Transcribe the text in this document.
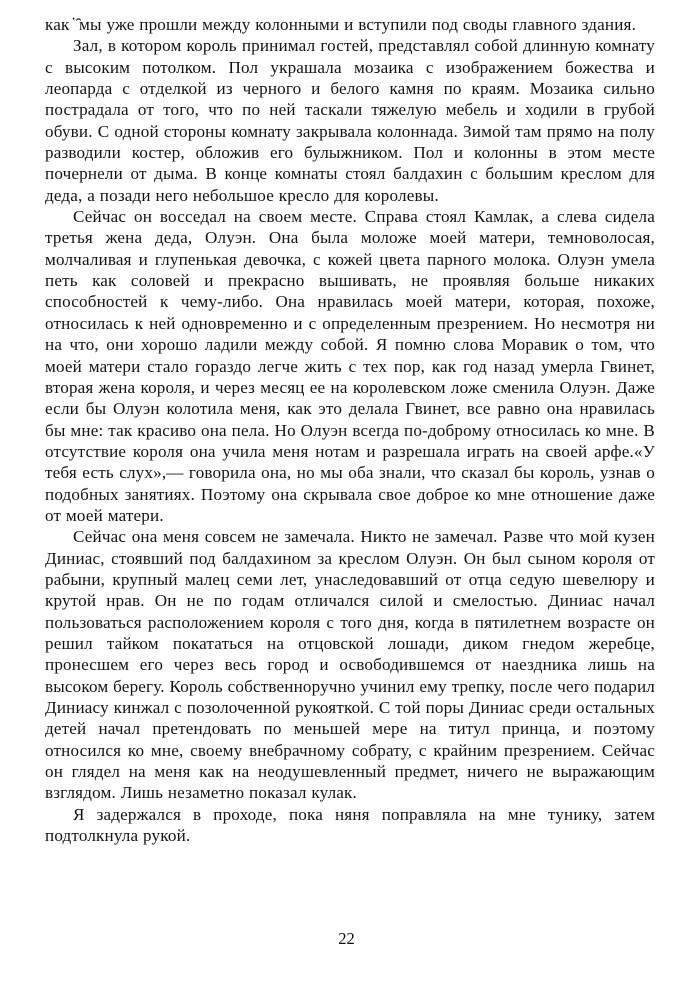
как ̔ ̑мы уже прошли между колонными и вступили под своды главного здания.

Зал, в котором король принимал гостей, представлял собой длинную комнату с высоким потолком. Пол украшала мозаика с изображением божества и леопарда с отделкой из черного и белого камня по краям. Мозаика сильно пострадала от того, что по ней таскали тяжелую мебель и ходили в грубой обуви. С одной стороны комнату закрывала колоннада. Зимой там прямо на полу разводили костер, обложив его булыжником. Пол и колонны в этом месте почернели от дыма. В конце комнаты стоял балдахин с большим креслом для деда, а позади него небольшое кресло для королевы.

Сейчас он восседал на своем месте. Справа стоял Камлак, а слева сидела третья жена деда, Олуэн. Она была моложе моей матери, темноволосая, молчаливая и глупенькая девочка, с кожей цвета парного молока. Олуэн умела петь как соловей и прекрасно вышивать, не проявляя больше никаких способностей к чему-либо. Она нравилась моей матери, которая, похоже, относилась к ней одновременно и с определенным презрением. Но несмотря ни на что, они хорошо ладили между собой. Я помню слова Моравик о том, что моей матери стало гораздо легче жить с тех пор, как год назад умерла Гвинет, вторая жена короля, и через месяц ее на королевском ложе сменила Олуэн. Даже если бы Олуэн колотила меня, как это делала Гвинет, все равно она нравилась бы мне: так красиво она пела. Но Олуэн всегда по-доброму относилась ко мне. В отсутствие короля она учила меня нотам и разрешала играть на своей арфе.«У тебя есть слух»,— говорила она, но мы оба знали, что сказал бы король, узнав о подобных занятиях. Поэтому она скрывала свое доброе ко мне отношение даже от моей матери.

Сейчас она меня совсем не замечала. Никто не замечал. Разве что мой кузен Диниас, стоявший под балдахином за креслом Олуэн. Он был сыном короля от рабыни, крупный малец семи лет, унаследовавший от отца седую шевелюру и крутой нрав. Он не по годам отличался силой и смелостью. Диниас начал пользоваться расположением короля с того дня, когда в пятилетнем возрасте он решил тайком покататься на отцовской лошади, диком гнедом жеребце, пронесшем его через весь город и освободившемся от наездника лишь на высоком берегу. Король собственноручно учинил ему трепку, после чего подарил Диниасу кинжал с позолоченной рукояткой. С той поры Диниас среди остальных детей начал претендовать по меньшей мере на титул принца, и поэтому относился ко мне, своему внебрачному собрату, с крайним презрением. Сейчас он глядел на меня как на неодушевленный предмет, ничего не выражающим взглядом. Лишь незаметно показал кулак.

Я задержался в проходе, пока няня поправляла на мне тунику, затем подтолкнула рукой.

22
